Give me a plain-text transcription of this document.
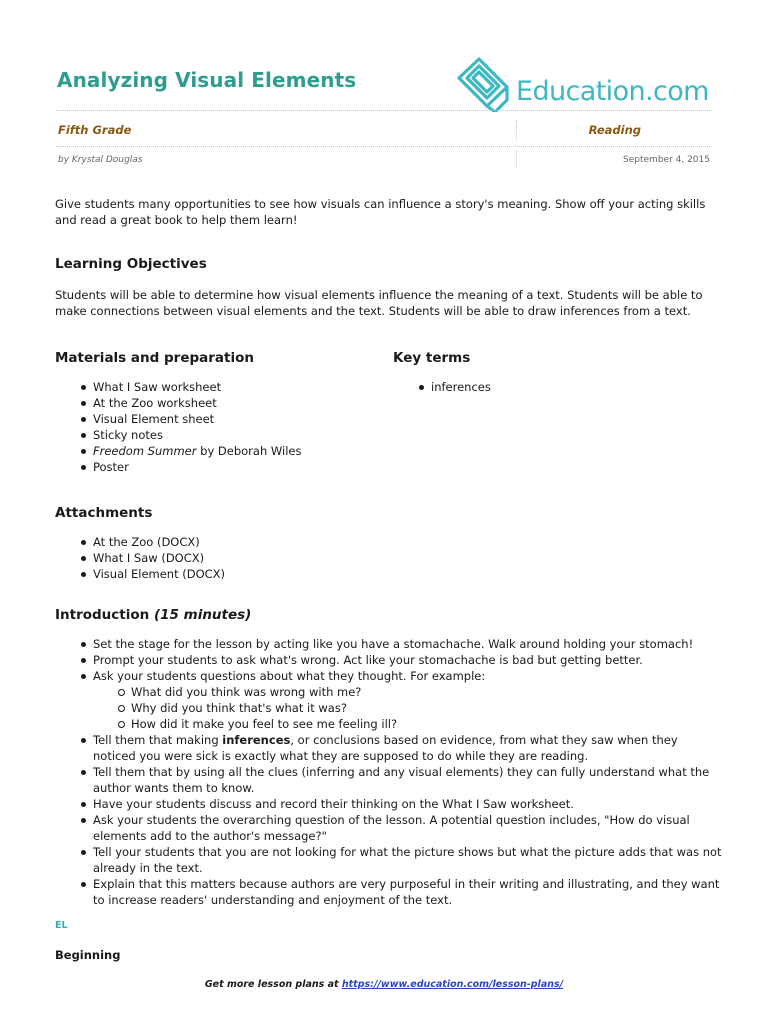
Analyzing Visual Elements	Education.com
Fifth Grade	Reading
by Krystal Douglas	September 4, 2015
Give students many opportunities to see how visuals can influence a story's meaning. Show off your acting skills and read a great book to help them learn!
Learning Objectives
Students will be able to determine how visual elements influence the meaning of a text. Students will be able to make connections between visual elements and the text. Students will be able to draw inferences from a text.
Materials and preparation
What I Saw worksheet
At the Zoo worksheet
Visual Element sheet
Sticky notes
Freedom Summer by Deborah Wiles
Poster
Key terms
inferences
Attachments
At the Zoo (DOCX)
What I Saw (DOCX)
Visual Element (DOCX)
Introduction (15 minutes)
Set the stage for the lesson by acting like you have a stomachache. Walk around holding your stomach!
Prompt your students to ask what's wrong. Act like your stomachache is bad but getting better.
Ask your students questions about what they thought. For example:
What did you think was wrong with me?
Why did you think that's what it was?
How did it make you feel to see me feeling ill?
Tell them that making inferences, or conclusions based on evidence, from what they saw when they noticed you were sick is exactly what they are supposed to do while they are reading.
Tell them that by using all the clues (inferring and any visual elements) they can fully understand what the author wants them to know.
Have your students discuss and record their thinking on the What I Saw worksheet.
Ask your students the overarching question of the lesson. A potential question includes, "How do visual elements add to the author's message?"
Tell your students that you are not looking for what the picture shows but what the picture adds that was not already in the text.
Explain that this matters because authors are very purposeful in their writing and illustrating, and they want to increase readers' understanding and enjoyment of the text.
EL
Beginning
Get more lesson plans at https://www.education.com/lesson-plans/
